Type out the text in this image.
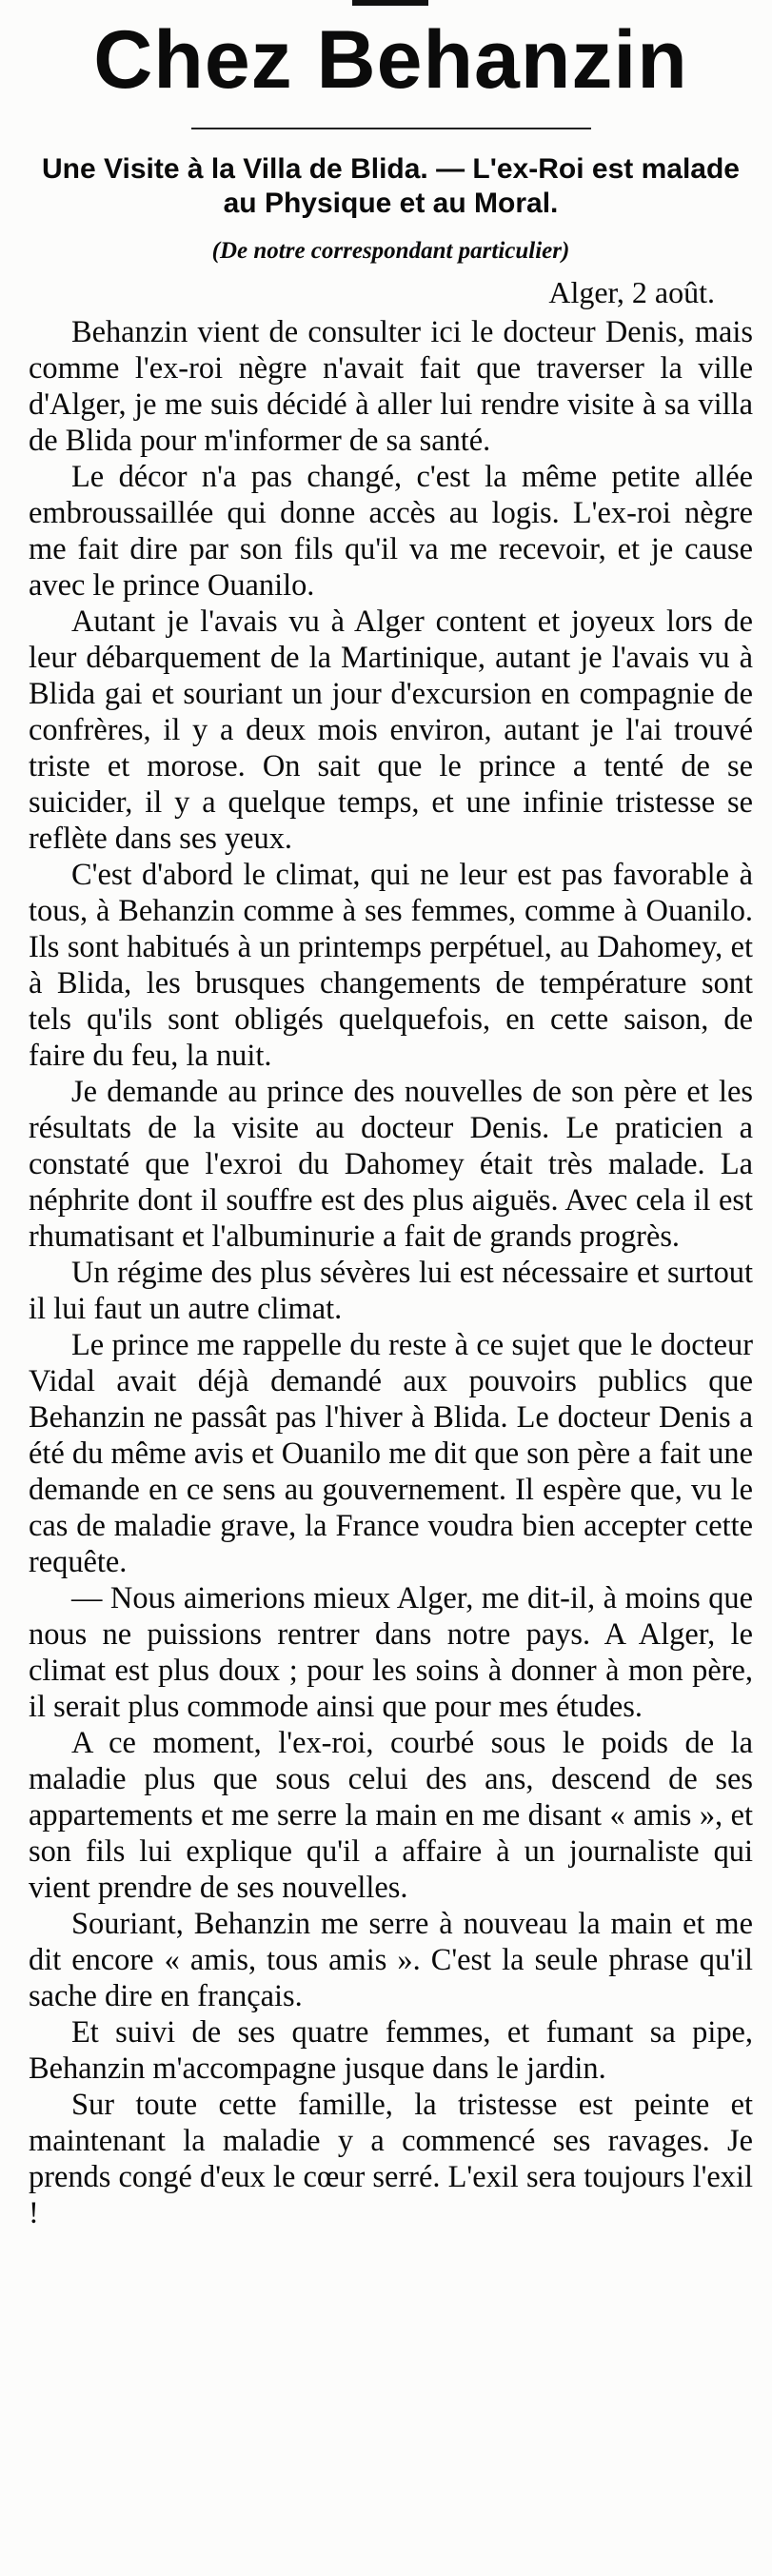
Chez Behanzin

Une Visite à la Villa de Blida. — L'ex-Roi est malade au Physique et au Moral.

(De notre correspondant particulier)

Alger, 2 août.

Behanzin vient de consulter ici le docteur Denis, mais comme l'ex-roi nègre n'avait fait que traverser la ville d'Alger, je me suis décidé à aller lui rendre visite à sa villa de Blida pour m'informer de sa santé.

Le décor n'a pas changé, c'est la même petite allée embroussaillée qui donne accès au logis. L'ex-roi nègre me fait dire par son fils qu'il va me recevoir, et je cause avec le prince Ouanilo.

Autant je l'avais vu à Alger content et joyeux lors de leur débarquement de la Martinique, autant je l'avais vu à Blida gai et souriant un jour d'excursion en compagnie de confrères, il y a deux mois environ, autant je l'ai trouvé triste et morose. On sait que le prince a tenté de se suicider, il y a quelque temps, et une infinie tristesse se reflète dans ses yeux.

C'est d'abord le climat, qui ne leur est pas favorable à tous, à Behanzin comme à ses femmes, comme à Ouanilo. Ils sont habitués à un printemps perpétuel, au Dahomey, et à Blida, les brusques changements de température sont tels qu'ils sont obligés quelquefois, en cette saison, de faire du feu, la nuit.

Je demande au prince des nouvelles de son père et les résultats de la visite au docteur Denis. Le praticien a constaté que l'exroi du Dahomey était très malade. La néphrite dont il souffre est des plus aiguës. Avec cela il est rhumatisant et l'albuminurie a fait de grands progrès.

Un régime des plus sévères lui est nécessaire et surtout il lui faut un autre climat.

Le prince me rappelle du reste à ce sujet que le docteur Vidal avait déjà demandé aux pouvoirs publics que Behanzin ne passât pas l'hiver à Blida. Le docteur Denis a été du même avis et Ouanilo me dit que son père a fait une demande en ce sens au gouvernement. Il espère que, vu le cas de maladie grave, la France voudra bien accepter cette requête.

— Nous aimerions mieux Alger, me dit-il, à moins que nous ne puissions rentrer dans notre pays. A Alger, le climat est plus doux ; pour les soins à donner à mon père, il serait plus commode ainsi que pour mes études.

A ce moment, l'ex-roi, courbé sous le poids de la maladie plus que sous celui des ans, descend de ses appartements et me serre la main en me disant « amis », et son fils lui explique qu'il a affaire à un journaliste qui vient prendre de ses nouvelles.

Souriant, Behanzin me serre à nouveau la main et me dit encore « amis, tous amis ». C'est la seule phrase qu'il sache dire en français.

Et suivi de ses quatre femmes, et fumant sa pipe, Behanzin m'accompagne jusque dans le jardin.

Sur toute cette famille, la tristesse est peinte et maintenant la maladie y a commencé ses ravages. Je prends congé d'eux le cœur serré. L'exil sera toujours l'exil !
